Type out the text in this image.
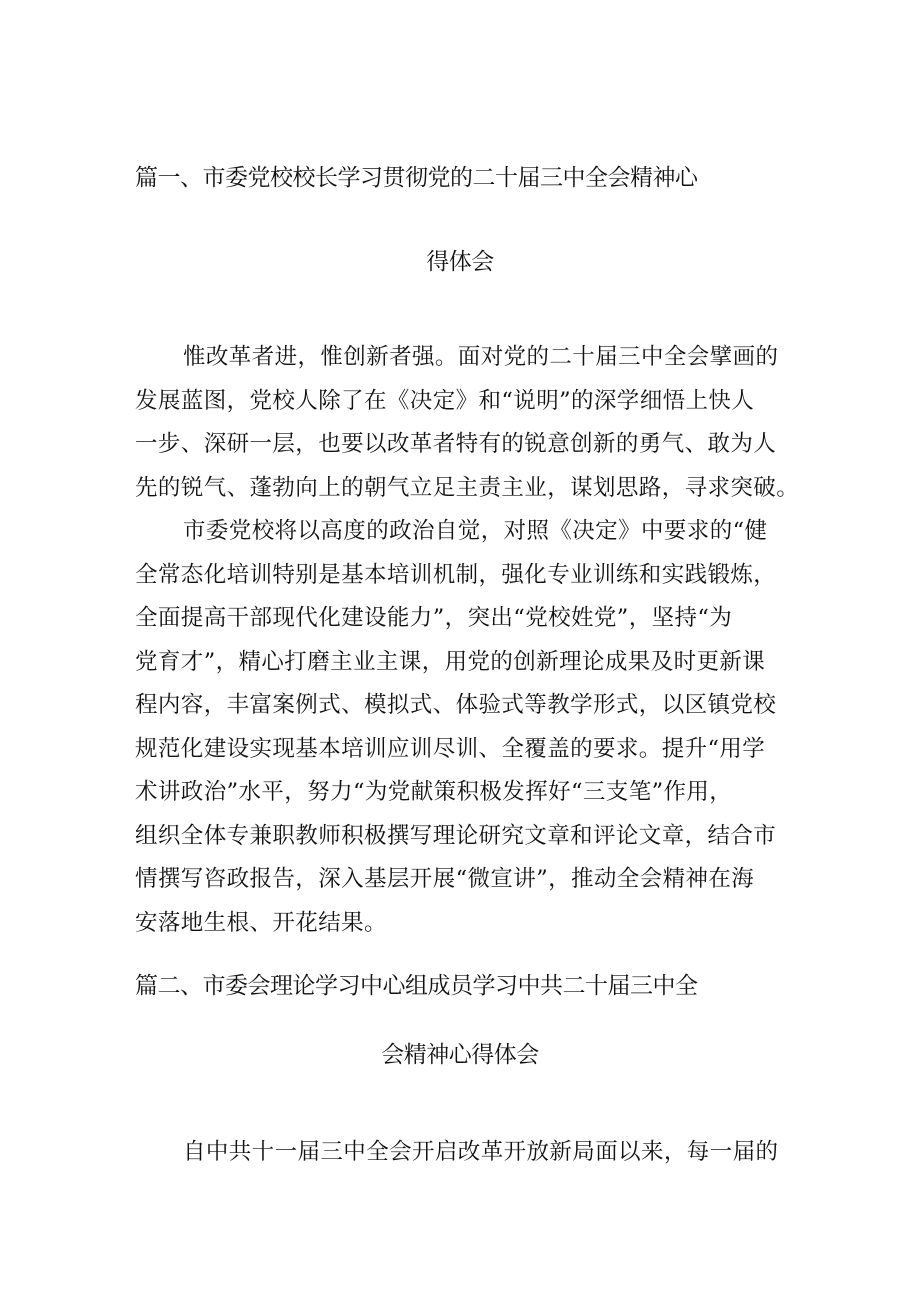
篇一、市委党校校长学习贯彻党的二十届三中全会精神心
得体会
惟改革者进，惟创新者强。面对党的二十届三中全会擘画的
发展蓝图，党校人除了在《决定》和“说明”的深学细悟上快人
一步、深研一层，也要以改革者特有的锐意创新的勇气、敢为人
先的锐气、蓬勃向上的朝气立足主责主业，谋划思路，寻求突破。
市委党校将以高度的政治自觉，对照《决定》中要求的“健
全常态化培训特别是基本培训机制，强化专业训练和实践锻炼，
全面提高干部现代化建设能力”，突出“党校姓党”，坚持“为
党育才”，精心打磨主业主课，用党的创新理论成果及时更新课
程内容，丰富案例式、模拟式、体验式等教学形式，以区镇党校
规范化建设实现基本培训应训尽训、全覆盖的要求。提升“用学
术讲政治”水平，努力“为党献策积极发挥好“三支笔”作用，
组织全体专兼职教师积极撰写理论研究文章和评论文章，结合市
情撰写咨政报告，深入基层开展“微宣讲”，推动全会精神在海
安落地生根、开花结果。
篇二、市委会理论学习中心组成员学习中共二十届三中全
会精神心得体会
自中共十一届三中全会开启改革开放新局面以来，每一届的
